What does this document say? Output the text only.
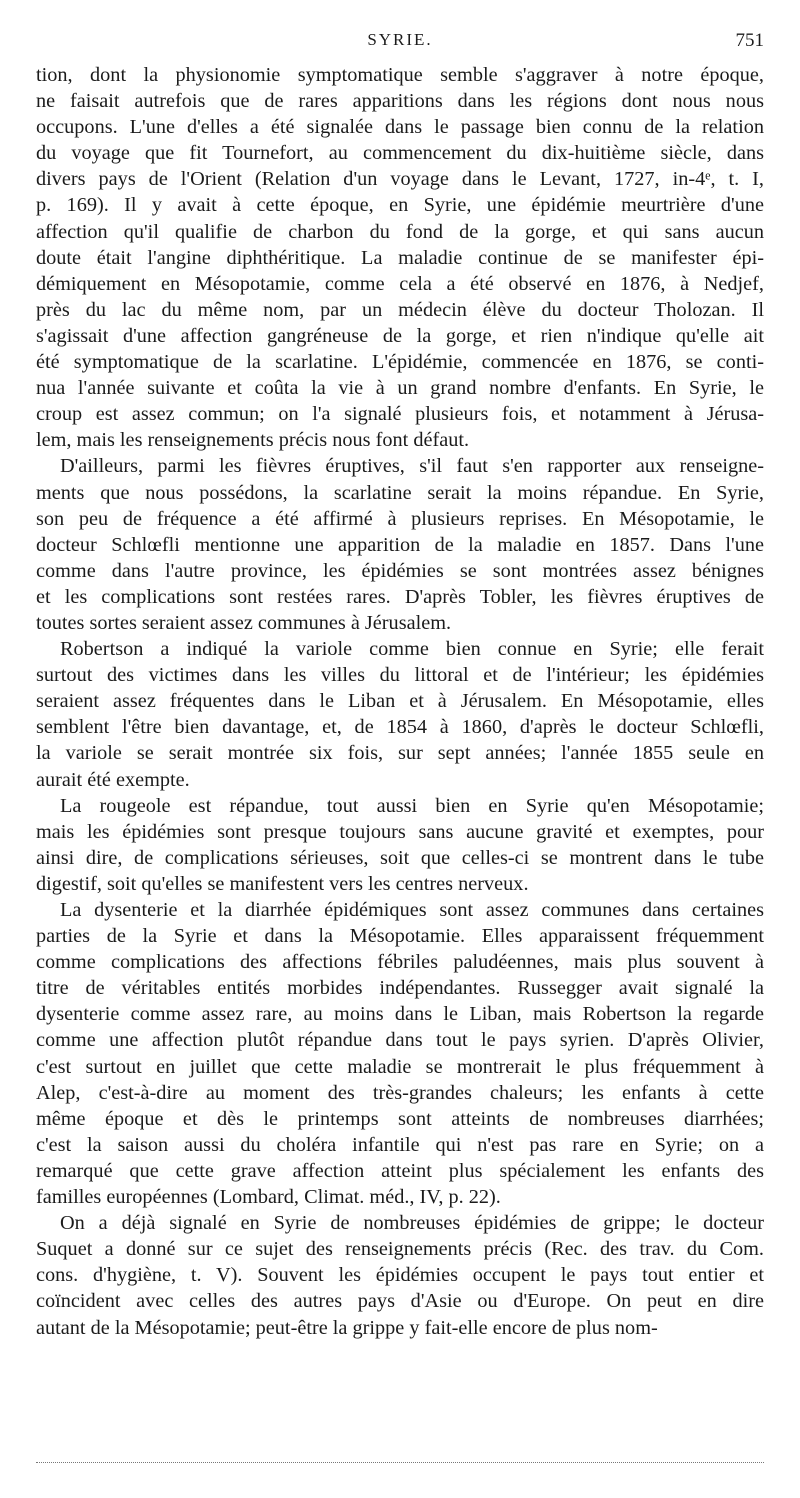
SYRIE.	751

tion, dont la physionomie symptomatique semble s'aggraver à notre époque,
ne faisait autrefois que de rares apparitions dans les régions dont nous nous
occupons. L'une d'elles a été signalée dans le passage bien connu de la relation
du voyage que fit Tournefort, au commencement du dix-huitième siècle, dans
divers pays de l'Orient (Relation d'un voyage dans le Levant, 1727, in-4ᵉ, t. I,
p. 169). Il y avait à cette époque, en Syrie, une épidémie meurtrière d'une
affection qu'il qualifie de charbon du fond de la gorge, et qui sans aucun
doute était l'angine diphthéritique. La maladie continue de se manifester épi-
démiquement en Mésopotamie, comme cela a été observé en 1876, à Nedjef,
près du lac du même nom, par un médecin élève du docteur Tholozan. Il
s'agissait d'une affection gangréneuse de la gorge, et rien n'indique qu'elle ait
été symptomatique de la scarlatine. L'épidémie, commencée en 1876, se conti-
nua l'année suivante et coûta la vie à un grand nombre d'enfants. En Syrie, le
croup est assez commun; on l'a signalé plusieurs fois, et notamment à Jérusa-
lem, mais les renseignements précis nous font défaut.

D'ailleurs, parmi les fièvres éruptives, s'il faut s'en rapporter aux renseigne-
ments que nous possédons, la scarlatine serait la moins répandue. En Syrie,
son peu de fréquence a été affirmé à plusieurs reprises. En Mésopotamie, le
docteur Schlœfli mentionne une apparition de la maladie en 1857. Dans l'une
comme dans l'autre province, les épidémies se sont montrées assez bénignes
et les complications sont restées rares. D'après Tobler, les fièvres éruptives de
toutes sortes seraient assez communes à Jérusalem.

Robertson a indiqué la variole comme bien connue en Syrie; elle ferait
surtout des victimes dans les villes du littoral et de l'intérieur; les épidémies
seraient assez fréquentes dans le Liban et à Jérusalem. En Mésopotamie, elles
semblent l'être bien davantage, et, de 1854 à 1860, d'après le docteur Schlœfli,
la variole se serait montrée six fois, sur sept années; l'année 1855 seule en
aurait été exempte.

La rougeole est répandue, tout aussi bien en Syrie qu'en Mésopotamie;
mais les épidémies sont presque toujours sans aucune gravité et exemptes, pour
ainsi dire, de complications sérieuses, soit que celles-ci se montrent dans le tube
digestif, soit qu'elles se manifestent vers les centres nerveux.

La dysenterie et la diarrhée épidémiques sont assez communes dans certaines
parties de la Syrie et dans la Mésopotamie. Elles apparaissent fréquemment
comme complications des affections fébriles paludéennes, mais plus souvent à
titre de véritables entités morbides indépendantes. Russegger avait signalé la
dysenterie comme assez rare, au moins dans le Liban, mais Robertson la regarde
comme une affection plutôt répandue dans tout le pays syrien. D'après Olivier,
c'est surtout en juillet que cette maladie se montrerait le plus fréquemment à
Alep, c'est-à-dire au moment des très-grandes chaleurs; les enfants à cette
même époque et dès le printemps sont atteints de nombreuses diarrhées;
c'est la saison aussi du choléra infantile qui n'est pas rare en Syrie; on a
remarqué que cette grave affection atteint plus spécialement les enfants des
familles européennes (Lombard, Climat. méd., IV, p. 22).

On a déjà signalé en Syrie de nombreuses épidémies de grippe; le docteur
Suquet a donné sur ce sujet des renseignements précis (Rec. des trav. du Com.
cons. d'hygiène, t. V). Souvent les épidémies occupent le pays tout entier et
coïncident avec celles des autres pays d'Asie ou d'Europe. On peut en dire
autant de la Mésopotamie; peut-être la grippe y fait-elle encore de plus nom-
